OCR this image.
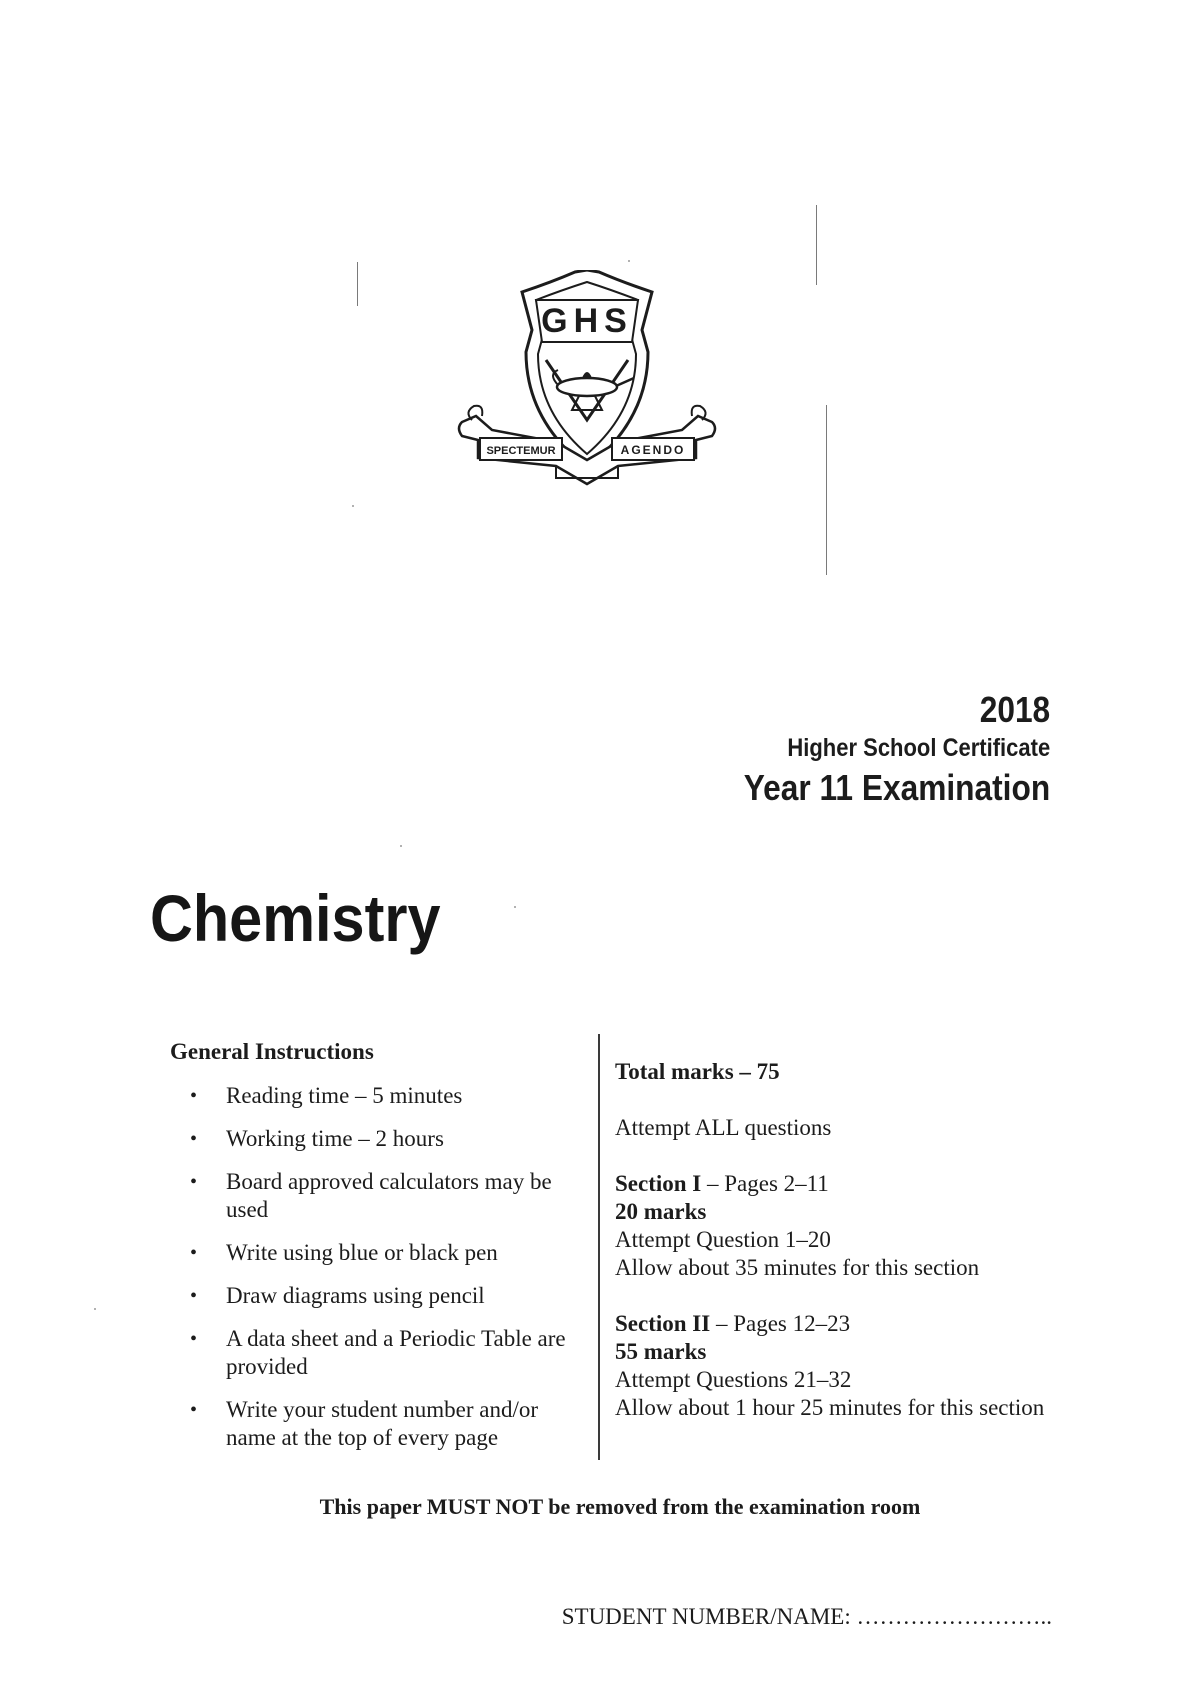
GHS
SPECTEMUR	AGENDO
2018
Higher School Certificate
Year 11 Examination
Chemistry
General Instructions
• Reading time – 5 minutes
• Working time – 2 hours
• Board approved calculators may be used
• Write using blue or black pen
• Draw diagrams using pencil
• A data sheet and a Periodic Table are provided
• Write your student number and/or name at the top of every page

Total marks – 75

Attempt ALL questions

Section I – Pages 2–11

20 marks

Attempt Question 1–20

Allow about 35 minutes for this section

Section II – Pages 12–23

55 marks

Attempt Questions 21–32

Allow about 1 hour 25 minutes for this section

This paper MUST NOT be removed from the examination room
STUDENT NUMBER/NAME: ……………………..
